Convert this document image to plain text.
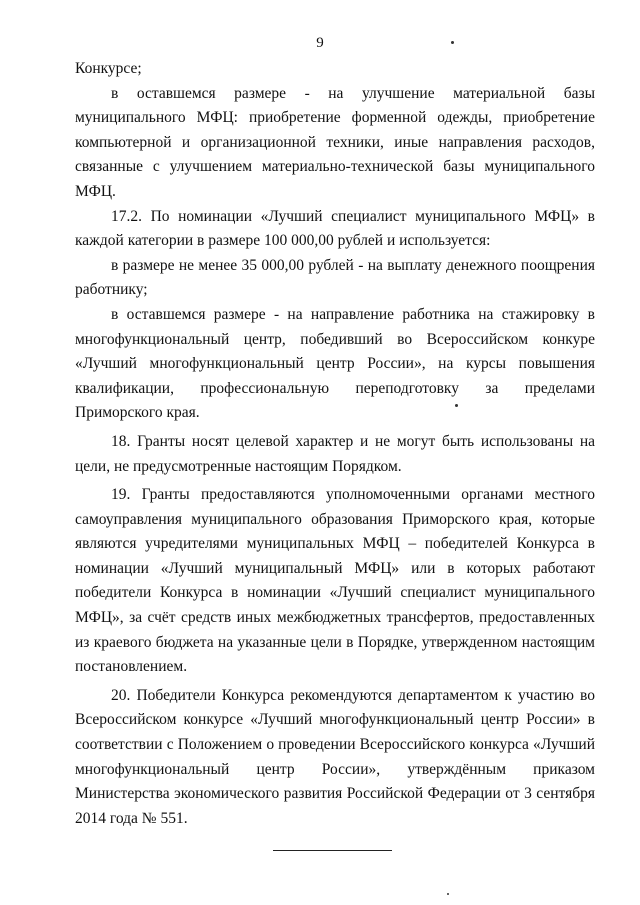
9

Конкурсе;

в оставшемся размере - на улучшение материальной базы муниципального МФЦ: приобретение форменной одежды, приобретение компьютерной и организационной техники, иные направления расходов, связанные с улучшением материально-технической базы муниципального МФЦ.

17.2. По номинации «Лучший специалист муниципального МФЦ» в каждой категории в размере 100 000,00 рублей и используется:

в размере не менее 35 000,00 рублей - на выплату денежного поощрения работнику;

в оставшемся размере - на направление работника на стажировку в многофункциональный центр, победивший во Всероссийском конкуре «Лучший многофункциональный центр России», на курсы повышения квалификации, профессиональную переподготовку за пределами Приморского края.

18. Гранты носят целевой характер и не могут быть использованы на цели, не предусмотренные настоящим Порядком.

19. Гранты предоставляются уполномоченными органами местного самоуправления муниципального образования Приморского края, которые являются учредителями муниципальных МФЦ – победителей Конкурса в номинации «Лучший муниципальный МФЦ» или в которых работают победители Конкурса в номинации «Лучший специалист муниципального МФЦ», за счёт средств иных межбюджетных трансфертов, предоставленных из краевого бюджета на указанные цели в Порядке, утвержденном настоящим постановлением.

20. Победители Конкурса рекомендуются департаментом к участию во Всероссийском конкурсе «Лучший многофункциональный центр России» в соответствии с Положением о проведении Всероссийского конкурса «Лучший многофункциональный центр России», утверждённым приказом Министерства экономического развития Российской Федерации от 3 сентября 2014 года № 551.
